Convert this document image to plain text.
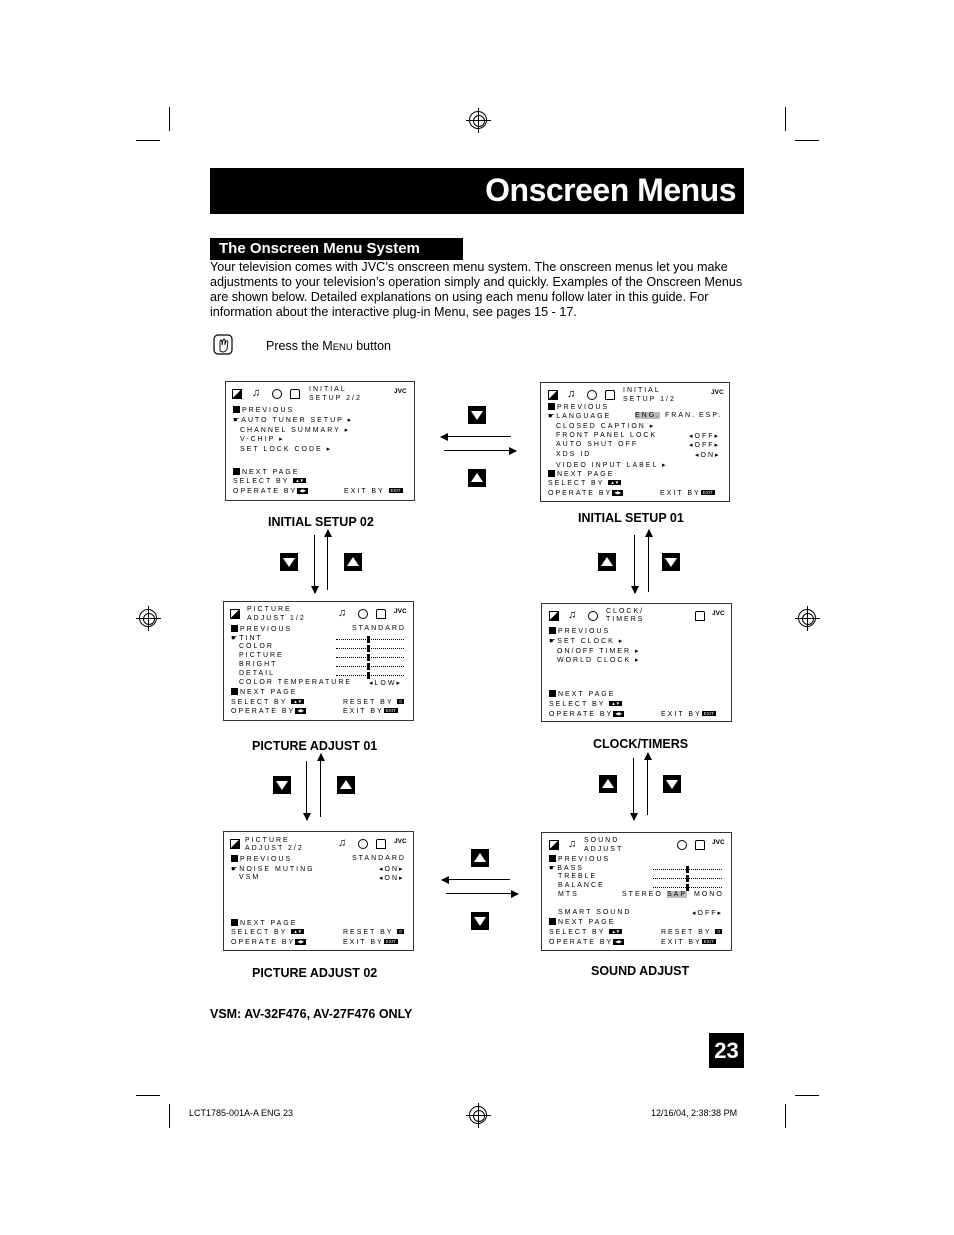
Onscreen Menus
The Onscreen Menu System
Your television comes with JVC’s onscreen menu system. The onscreen menus let you make adjustments to your television’s operation simply and quickly. Examples of the Onscreen Menus are shown below. Detailed explanations on using each menu follow later in this guide. For information about the interactive plug-in Menu, see pages 15 - 17.
Press the MENU button
♫	INITIAL
SETUP 2/2
JVC
PREVIOUS
☛AUTO TUNER SETUP ▸
CHANNEL SUMMARY ▸
V-CHIP ▸
SET LOCK CODE ▸
NEXT PAGE
SELECT BY ▲▼
OPERATE BY ◀▶	EXIT BY EXIT
♫	INITIAL
SETUP 1/2
JVC
PREVIOUS
☛LANGUAGE	ENG. FRAN. ESP.
CLOSED CAPTION ▸
FRONT PANEL LOCK	◂OFF▸
AUTO SHUT OFF	◂OFF▸
XDS ID	◂ON▸
VIDEO INPUT LABEL ▸
NEXT PAGE
SELECT BY ▲▼
OPERATE BY ◀▶	EXIT BY EXIT
PICTURE
ADJUST 1/2	♫	JVC
PREVIOUS	STANDARD
☛TINT
COLOR
PICTURE
BRIGHT
DETAIL
COLOR TEMPERATURE ◂LOW▸
NEXT PAGE
SELECT BY ▲▼	RESET BY 0
OPERATE BY ◀▶	EXIT BY EXIT
♫	CLOCK/
TIMERS
JVC
PREVIOUS
☛SET CLOCK ▸
ON/OFF TIMER ▸
WORLD CLOCK ▸
NEXT PAGE
SELECT BY ▲▼
OPERATE BY ◀▶	EXIT BY EXIT
PICTURE
ADJUST 2/2	♫	JVC
PREVIOUS	STANDARD
☛NOISE MUTING	◂ON▸
VSM	◂ON▸
NEXT PAGE
SELECT BY ▲▼	RESET BY 0
OPERATE BY ◀▶	EXIT BY EXIT
♫ SOUND
ADJUST
JVC
PREVIOUS
☛BASS
TREBLE
BALANCE
MTS	STEREO SAP MONO
SMART SOUND	◂OFF▸
NEXT PAGE
SELECT BY ▲▼	RESET BY 0
OPERATE BY ◀▶	EXIT BY EXIT
INITIAL SETUP 02	INITIAL SETUP 01
PICTURE ADJUST 01	CLOCK/TIMERS
PICTURE ADJUST 02	SOUND ADJUST
VSM: AV-32F476, AV-27F476 ONLY
23
LCT1785-001A-A ENG 23	12/16/04, 2:38:38 PM
